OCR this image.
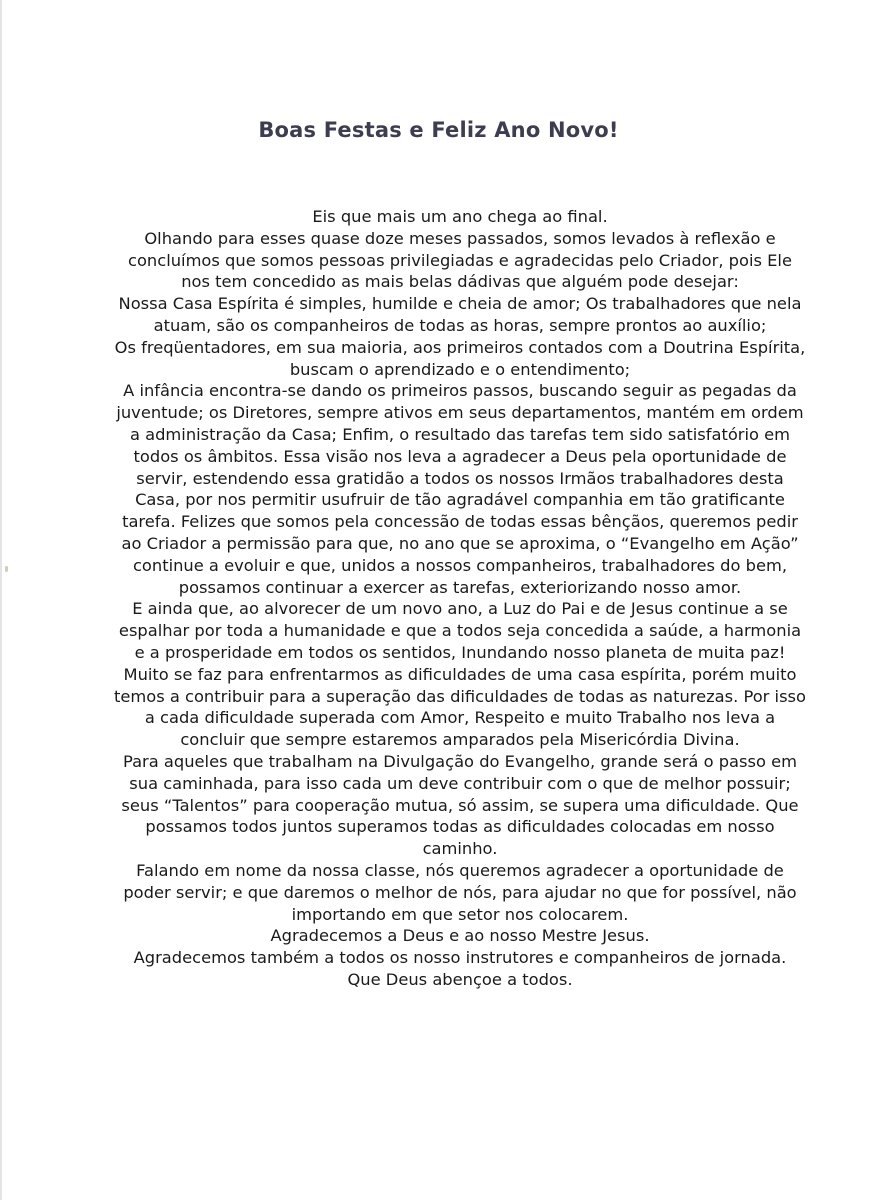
Boas Festas e Feliz Ano Novo!
Eis que mais um ano chega ao final.
Olhando para esses quase doze meses passados, somos levados à reflexão e
concluímos que somos pessoas privilegiadas e agradecidas pelo Criador, pois Ele
nos tem concedido as mais belas dádivas que alguém pode desejar:
Nossa Casa Espírita é simples, humilde e cheia de amor; Os trabalhadores que nela
atuam, são os companheiros de todas as horas, sempre prontos ao auxílio;
Os freqüentadores, em sua maioria, aos primeiros contados com a Doutrina Espírita,
buscam o aprendizado e o entendimento;
A infância encontra-se dando os primeiros passos, buscando seguir as pegadas da
juventude; os Diretores, sempre ativos em seus departamentos, mantém em ordem
a administração da Casa; Enfim, o resultado das tarefas tem sido satisfatório em
todos os âmbitos. Essa visão nos leva a agradecer a Deus pela oportunidade de
servir, estendendo essa gratidão a todos os nossos Irmãos trabalhadores desta
Casa, por nos permitir usufruir de tão agradável companhia em tão gratificante
tarefa. Felizes que somos pela concessão de todas essas bênçãos, queremos pedir
ao Criador a permissão para que, no ano que se aproxima, o “Evangelho em Ação”
continue a evoluir e que, unidos a nossos companheiros, trabalhadores do bem,
possamos continuar a exercer as tarefas, exteriorizando nosso amor.
E ainda que, ao alvorecer de um novo ano, a Luz do Pai e de Jesus continue a se
espalhar por toda a humanidade e que a todos seja concedida a saúde, a harmonia
e a prosperidade em todos os sentidos, Inundando nosso planeta de muita paz!
Muito se faz para enfrentarmos as dificuldades de uma casa espírita, porém muito
temos a contribuir para a superação das dificuldades de todas as naturezas. Por isso
a cada dificuldade superada com Amor, Respeito e muito Trabalho nos leva a
concluir que sempre estaremos amparados pela Misericórdia Divina.
Para aqueles que trabalham na Divulgação do Evangelho, grande será o passo em
sua caminhada, para isso cada um deve contribuir com o que de melhor possuir;
seus “Talentos” para cooperação mutua, só assim, se supera uma dificuldade. Que
possamos todos juntos superamos todas as dificuldades colocadas em nosso
caminho.
Falando em nome da nossa classe, nós queremos agradecer a oportunidade de
poder servir; e que daremos o melhor de nós, para ajudar no que for possível, não
importando em que setor nos colocarem.
Agradecemos a Deus e ao nosso Mestre Jesus.
Agradecemos também a todos os nosso instrutores e companheiros de jornada.
Que Deus abençoe a todos.
